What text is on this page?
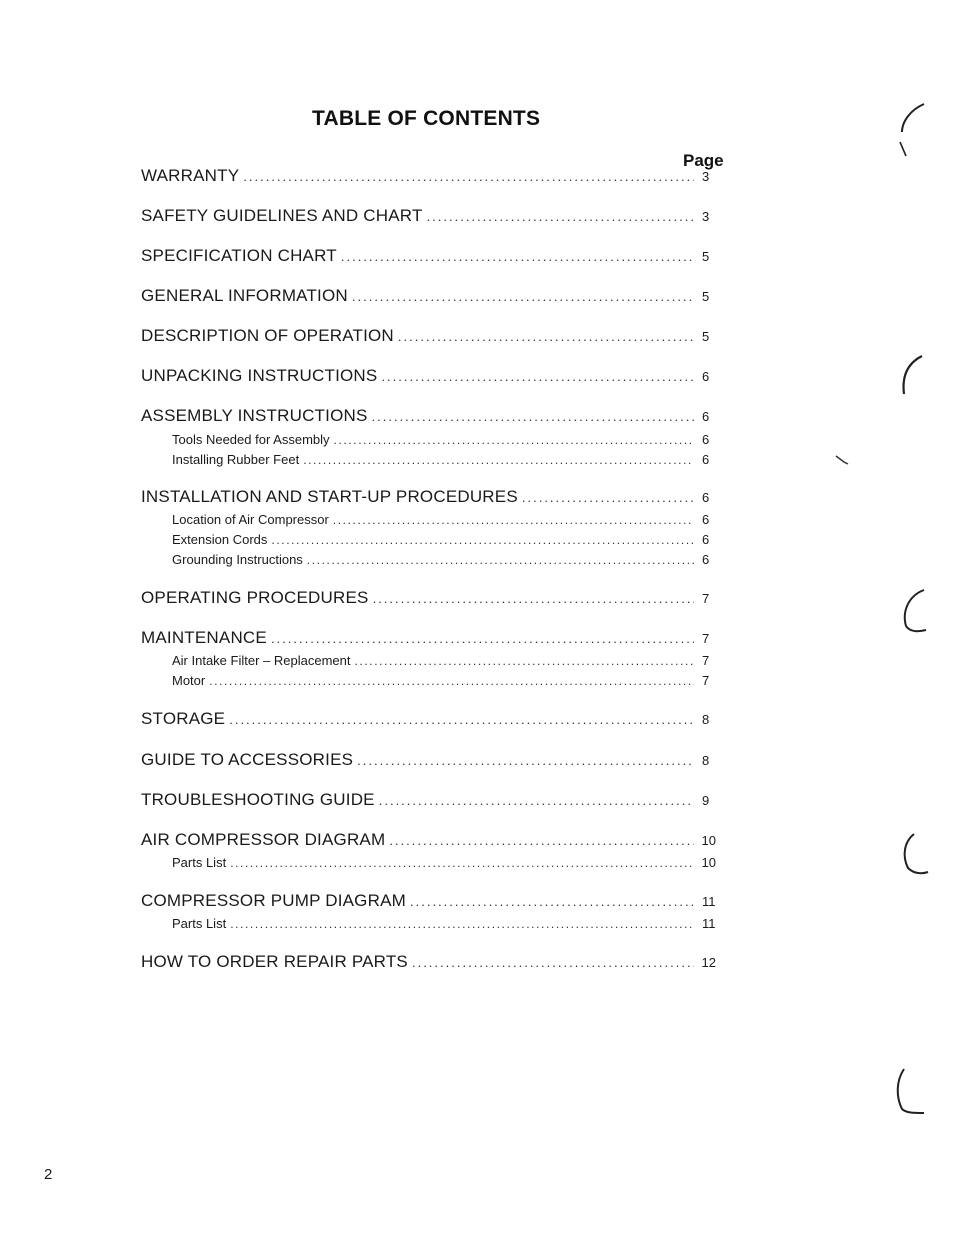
TABLE OF CONTENTS
Page
WARRANTY .....	3
SAFETY GUIDELINES AND CHART .....	3
SPECIFICATION CHART .....	5
GENERAL INFORMATION .....	5
DESCRIPTION OF OPERATION .....	5
UNPACKING INSTRUCTIONS .....	6
ASSEMBLY INSTRUCTIONS .....	6
Tools Needed for Assembly .....	6
Installing Rubber Feet .....	6
INSTALLATION AND START-UP PROCEDURES .....	6
Location of Air Compressor .....	6
Extension Cords .....	6
Grounding Instructions .....	6
OPERATING PROCEDURES .....	7
MAINTENANCE .....	7
Air Intake Filter – Replacement .....	7
Motor .....	7
STORAGE .....	8
GUIDE TO ACCESSORIES .....	8
TROUBLESHOOTING GUIDE .....	9
AIR COMPRESSOR DIAGRAM .....	10
Parts List .....	10
COMPRESSOR PUMP DIAGRAM .....	11
Parts List .....	11
HOW TO ORDER REPAIR PARTS .....	12
2
